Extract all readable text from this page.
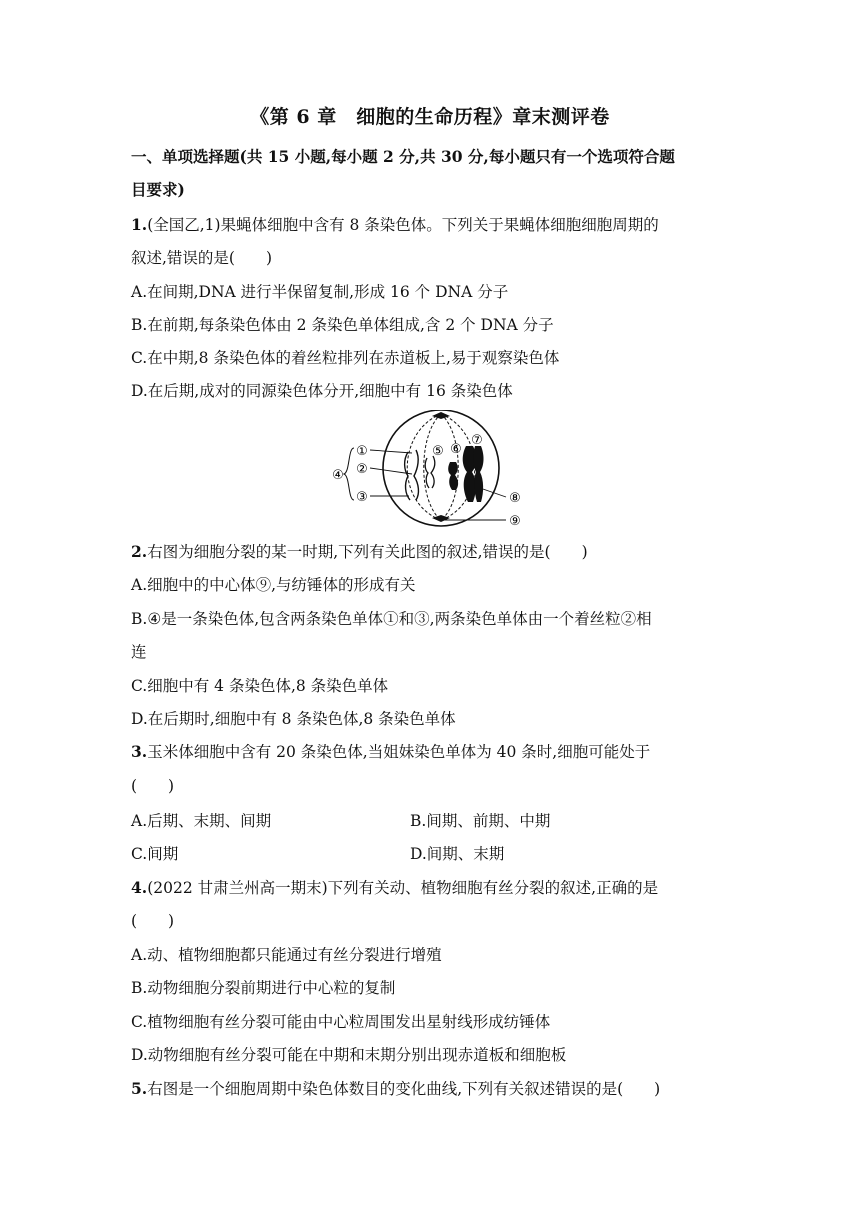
《第 6 章　细胞的生命历程》章末测评卷
一、单项选择题(共 15 小题,每小题 2 分,共 30 分,每小题只有一个选项符合题
目要求)
1.(全国乙,1)果蝇体细胞中含有 8 条染色体。下列关于果蝇体细胞细胞周期的
叙述,错误的是(　　)
A.在间期,DNA 进行半保留复制,形成 16 个 DNA 分子
B.在前期,每条染色体由 2 条染色单体组成,含 2 个 DNA 分子
C.在中期,8 条染色体的着丝粒排列在赤道板上,易于观察染色体
D.在后期,成对的同源染色体分开,细胞中有 16 条染色体
①
②
③
④
⑤ ⑥
⑦
⑧
⑨
2.右图为细胞分裂的某一时期,下列有关此图的叙述,错误的是(　　)
A.细胞中的中心体⑨,与纺锤体的形成有关
B.④是一条染色体,包含两条染色单体①和③,两条染色单体由一个着丝粒②相
连
C.细胞中有 4 条染色体,8 条染色单体
D.在后期时,细胞中有 8 条染色体,8 条染色单体
3.玉米体细胞中含有 20 条染色体,当姐妹染色单体为 40 条时,细胞可能处于
(　　)
A.后期、末期、间期	B.间期、前期、中期
C.间期	D.间期、末期
4.(2022 甘肃兰州高一期末)下列有关动、植物细胞有丝分裂的叙述,正确的是
(　　)
A.动、植物细胞都只能通过有丝分裂进行增殖
B.动物细胞分裂前期进行中心粒的复制
C.植物细胞有丝分裂可能由中心粒周围发出星射线形成纺锤体
D.动物细胞有丝分裂可能在中期和末期分别出现赤道板和细胞板
5.右图是一个细胞周期中染色体数目的变化曲线,下列有关叙述错误的是(　　)
